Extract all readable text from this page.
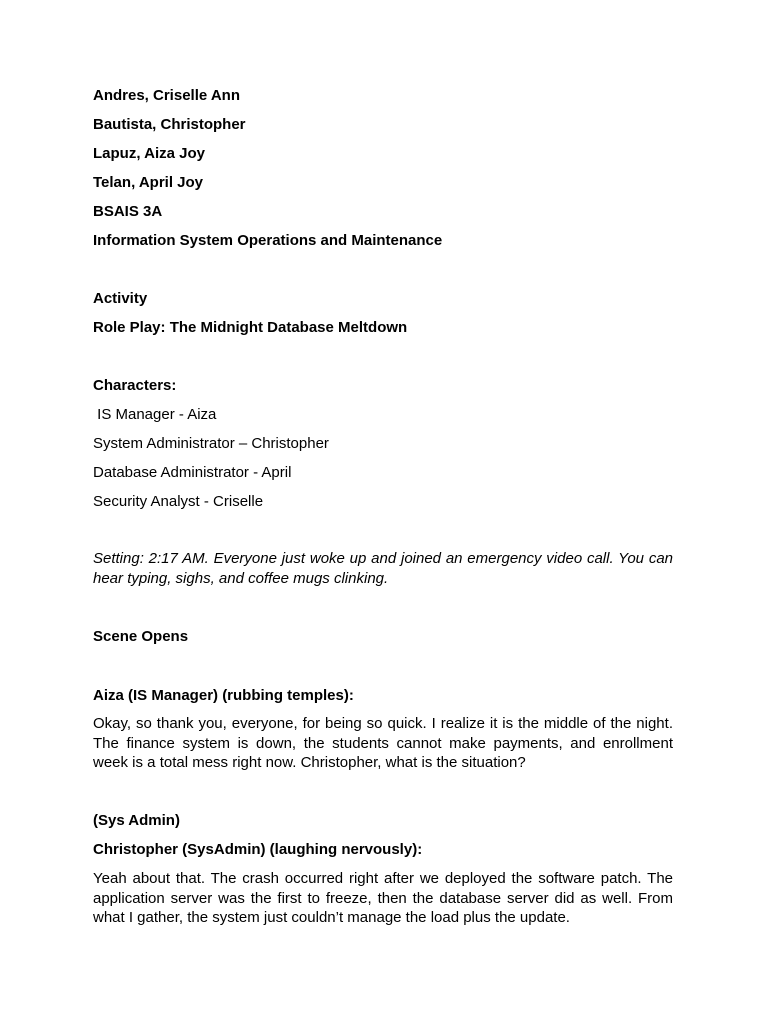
Andres, Criselle Ann
Bautista, Christopher
Lapuz, Aiza Joy
Telan, April Joy
BSAIS 3A
Information System Operations and Maintenance
Activity
Role Play: The Midnight Database Meltdown
Characters:
IS Manager - Aiza
System Administrator – Christopher
Database Administrator - April
Security Analyst - Criselle
Setting: 2:17 AM. Everyone just woke up and joined an emergency video call. You can hear typing, sighs, and coffee mugs clinking.
Scene Opens
Aiza (IS Manager) (rubbing temples):
Okay, so thank you, everyone, for being so quick. I realize it is the middle of the night. The finance system is down, the students cannot make payments, and enrollment week is a total mess right now. Christopher, what is the situation?
(Sys Admin)
Christopher (SysAdmin) (laughing nervously):
Yeah about that. The crash occurred right after we deployed the software patch. The application server was the first to freeze, then the database server did as well. From what I gather, the system just couldn’t manage the load plus the update.
